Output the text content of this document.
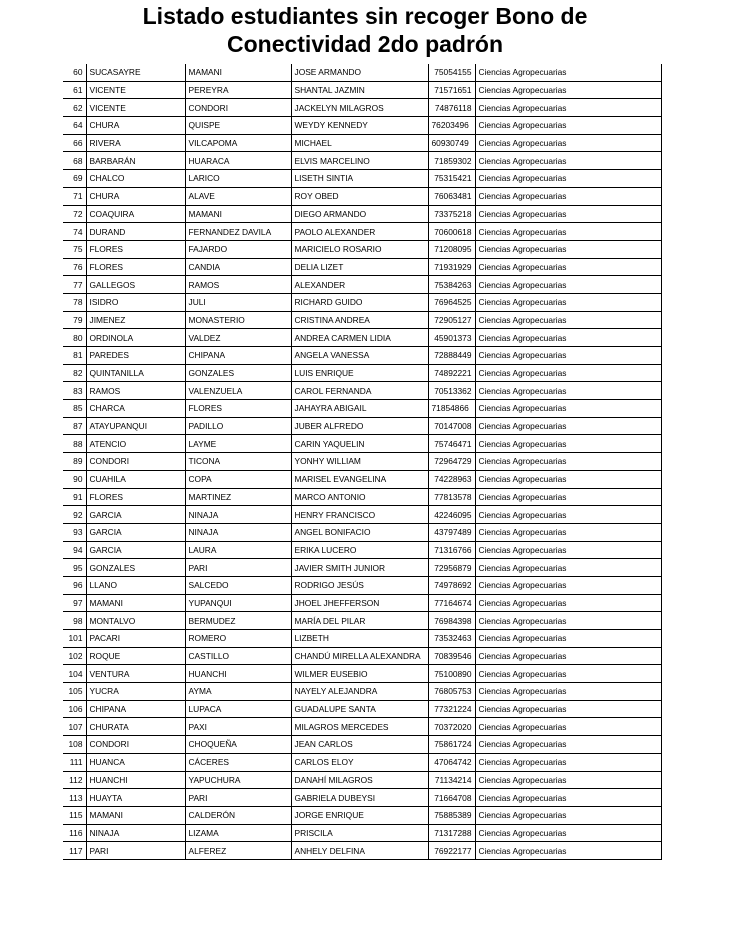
Listado estudiantes sin recoger Bono de
Conectividad 2do padrón
60	SUCASAYRE	MAMANI	JOSE ARMANDO	75054155	Ciencias Agropecuarias
61	VICENTE	PEREYRA	SHANTAL JAZMIN	71571651	Ciencias Agropecuarias
62	VICENTE	CONDORI	JACKELYN MILAGROS	74876118	Ciencias Agropecuarias
64	CHURA	QUISPE	WEYDY KENNEDY	76203496	Ciencias Agropecuarias
66	RIVERA	VILCAPOMA	MICHAEL	60930749	Ciencias Agropecuarias
68	BARBARÁN	HUARACA	ELVIS MARCELINO	71859302	Ciencias Agropecuarias
69	CHALCO	LARICO	LISETH SINTIA	75315421	Ciencias Agropecuarias
71	CHURA	ALAVE	ROY OBED	76063481	Ciencias Agropecuarias
72	COAQUIRA	MAMANI	DIEGO ARMANDO	73375218	Ciencias Agropecuarias
74	DURAND	FERNANDEZ DAVILA	PAOLO ALEXANDER	70600618	Ciencias Agropecuarias
75	FLORES	FAJARDO	MARICIELO ROSARIO	71208095	Ciencias Agropecuarias
76	FLORES	CANDIA	DELIA LIZET	71931929	Ciencias Agropecuarias
77	GALLEGOS	RAMOS	ALEXANDER	75384263	Ciencias Agropecuarias
78	ISIDRO	JULI	RICHARD GUIDO	76964525	Ciencias Agropecuarias
79	JIMENEZ	MONASTERIO	CRISTINA ANDREA	72905127	Ciencias Agropecuarias
80	ORDINOLA	VALDEZ	ANDREA CARMEN LIDIA	45901373	Ciencias Agropecuarias
81	PAREDES	CHIPANA	ANGELA VANESSA	72888449	Ciencias Agropecuarias
82	QUINTANILLA	GONZALES	LUIS ENRIQUE	74892221	Ciencias Agropecuarias
83	RAMOS	VALENZUELA	CAROL FERNANDA	70513362	Ciencias Agropecuarias
85	CHARCA	FLORES	JAHAYRA ABIGAIL	71854866	Ciencias Agropecuarias
87	ATAYUPANQUI	PADILLO	JUBER ALFREDO	70147008	Ciencias Agropecuarias
88	ATENCIO	LAYME	CARIN YAQUELIN	75746471	Ciencias Agropecuarias
89	CONDORI	TICONA	YONHY WILLIAM	72964729	Ciencias Agropecuarias
90	CUAHILA	COPA	MARISEL EVANGELINA	74228963	Ciencias Agropecuarias
91	FLORES	MARTINEZ	MARCO ANTONIO	77813578	Ciencias Agropecuarias
92	GARCIA	NINAJA	HENRY FRANCISCO	42246095	Ciencias Agropecuarias
93	GARCIA	NINAJA	ANGEL BONIFACIO	43797489	Ciencias Agropecuarias
94	GARCIA	LAURA	ERIKA LUCERO	71316766	Ciencias Agropecuarias
95	GONZALES	PARI	JAVIER SMITH JUNIOR	72956879	Ciencias Agropecuarias
96	LLANO	SALCEDO	RODRIGO JESÚS	74978692	Ciencias Agropecuarias
97	MAMANI	YUPANQUI	JHOEL JHEFFERSON	77164674	Ciencias Agropecuarias
98	MONTALVO	BERMUDEZ	MARÍA DEL PILAR	76984398	Ciencias Agropecuarias
101	PACARI	ROMERO	LIZBETH	73532463	Ciencias Agropecuarias
102	ROQUE	CASTILLO	CHANDÚ MIRELLA ALEXANDRA	70839546	Ciencias Agropecuarias
104	VENTURA	HUANCHI	WILMER EUSEBIO	75100890	Ciencias Agropecuarias
105	YUCRA	AYMA	NAYELY ALEJANDRA	76805753	Ciencias Agropecuarias
106	CHIPANA	LUPACA	GUADALUPE SANTA	77321224	Ciencias Agropecuarias
107	CHURATA	PAXI	MILAGROS MERCEDES	70372020	Ciencias Agropecuarias
108	CONDORI	CHOQUEÑA	JEAN CARLOS	75861724	Ciencias Agropecuarias
111	HUANCA	CÁCERES	CARLOS ELOY	47064742	Ciencias Agropecuarias
112	HUANCHI	YAPUCHURA	DANAHÍ MILAGROS	71134214	Ciencias Agropecuarias
113	HUAYTA	PARI	GABRIELA DUBEYSI	71664708	Ciencias Agropecuarias
115	MAMANI	CALDERÓN	JORGE ENRIQUE	75885389	Ciencias Agropecuarias
116	NINAJA	LIZAMA	PRISCILA	71317288	Ciencias Agropecuarias
117	PARI	ALFEREZ	ANHELY DELFINA	76922177	Ciencias Agropecuarias
